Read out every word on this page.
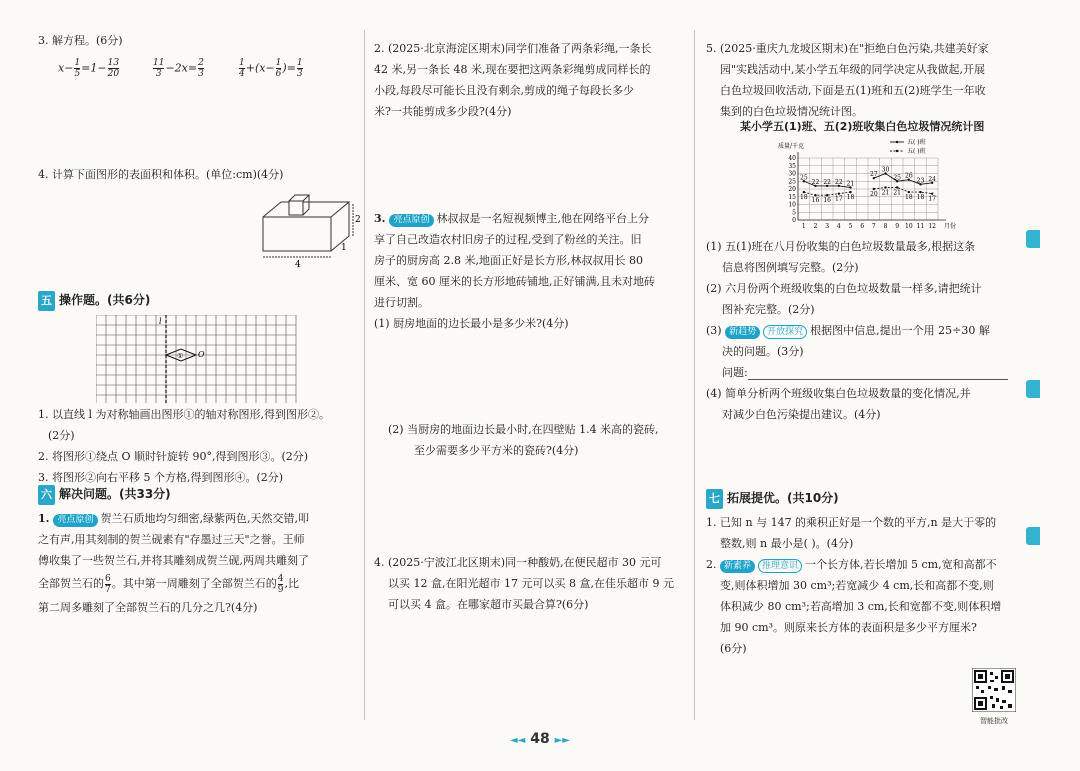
3. 解方程。(6分)
$x- \frac{1}{5} =1- \frac{13}{20}$	$\frac{11}{3} -2x= \frac{2}{3}$	$\frac{1}{4} +(x- \frac{1}{6}$ )= $\frac{1}{3}$
4. 计算下面图形的表面积和体积。(单位:cm)(4分)
4
2
1
五 操作题。(共6分)
l
① O
1. 以直线 l 为对称轴画出图形①的轴对称图形,得到图形②。
(2分)
2. 将图形①绕点 O 顺时针旋转 90°,得到图形③。(2分)
3. 将图形②向右平移 5 个方格,得到图形④。(2分)
六 解决问题。(共33分)
1. 亮点原创 贺兰石质地均匀细密,绿紫两色,天然交错,叩
之有声,用其刻制的贺兰砚素有"存墨过三天"之誉。王师
傅收集了一些贺兰石,并将其雕刻成贺兰砚,两周共雕刻了
全部贺兰石的 $\frac{6}{7}$ 。其中第一周雕刻了全部贺兰石的 $\frac{4}{9}$ ,比
第二周多雕刻了全部贺兰石的几分之几?(4分)
2. (2025·北京海淀区期末)同学们准备了两条彩绳,一条长
42 米,另一条长 48 米,现在要把这两条彩绳剪成同样长的
小段,每段尽可能长且没有剩余,剪成的绳子每段长多少
米?一共能剪成多少段?(4分)
3. 亮点原创 林叔叔是一名短视频博主,他在网络平台上分
享了自己改造农村旧房子的过程,受到了粉丝的关注。旧
房子的厨房高 2.8 米,地面正好是长方形,林叔叔用长 80
厘米、宽 60 厘米的长方形地砖铺地,正好铺满,且未对地砖
进行切割。
(1) 厨房地面的边长最小是多少米?(4分)
(2) 当厨房的地面边长最小时,在四壁贴 1.4 米高的瓷砖,
至少需要多少平方米的瓷砖?(4分)
4. (2025·宁波江北区期末)同一种酸奶,在便民超市 30 元可
以买 12 盒,在阳光超市 17 元可以买 8 盒,在佳乐超市 9 元
可以买 4 盒。在哪家超市买最合算?(6分)
5. (2025·重庆九龙坡区期末)在"拒绝白色污染,共建美好家
园"实践活动中,某小学五年级的同学决定从我做起,开展
白色垃圾回收活动,下面是五(1)班和五(2)班学生一年收
集到的白色垃圾情况统计图。
某小学五(1)班、五(2)班收集白色垃圾情况统计图
质量/千克
0
5
10
15
20
25
30
35
40
1 2 3 4 5 6 7 8 9 10 11 12 月份
25
22 22 22 21
27
30
25 26
23 24
18 16 16 17 18	20 21 21
18 18 17
五( )班
五( )班
(1) 五(1)班在八月份收集的白色垃圾数量最多,根据这条
信息将图例填写完整。(2分)
(2) 六月份两个班级收集的白色垃圾数量一样多,请把统计
图补充完整。(2分)
(3) 新趋势 开放探究 根据图中信息,提出一个用 25÷30 解
决的问题。(3分)
问题:
(4) 简单分析两个班级收集白色垃圾数量的变化情况,并
对减少白色污染提出建议。(4分)
七 拓展提优。(共10分)
1. 已知 n 与 147 的乘积正好是一个数的平方,n 是大于零的
整数,则 n 最小是( )。(4分)
2. 新素养 推理意识 一个长方体,若长增加 5 cm,宽和高都不
变,则体积增加 30 cm³;若宽减少 4 cm,长和高都不变,则
体积减少 80 cm³;若高增加 3 cm,长和宽都不变,则体积增
加 90 cm³。则原来长方体的表面积是多少平方厘米?
(6分)
智能批改
◄◄ 48 ►►
